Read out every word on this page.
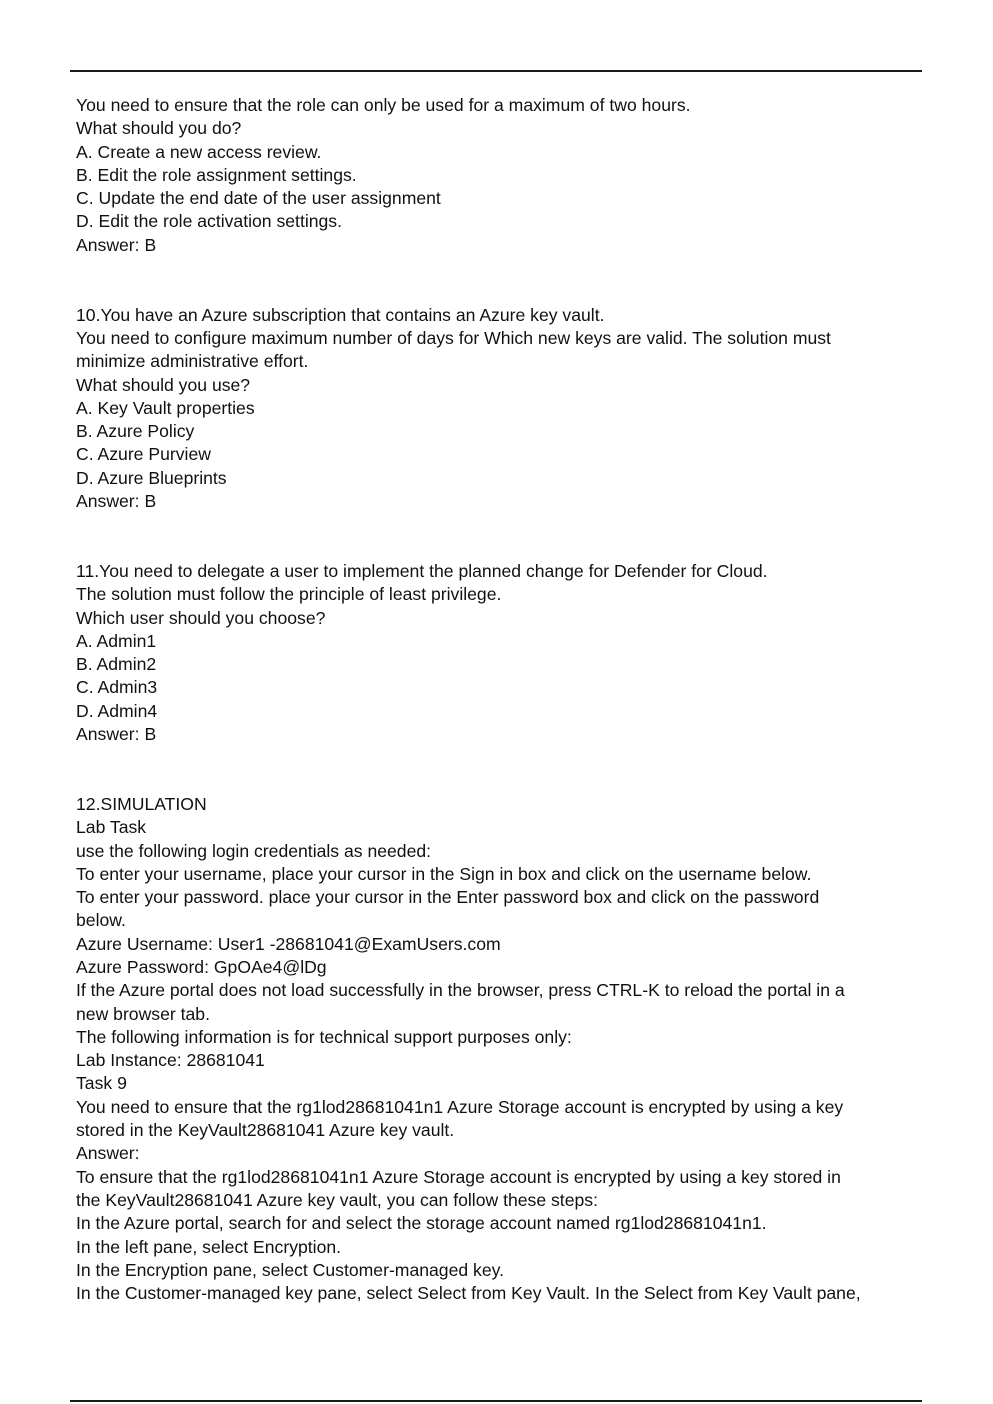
You need to ensure that the role can only be used for a maximum of two hours.

What should you do?

A. Create a new access review.

B. Edit the role assignment settings.

C. Update the end date of the user assignment

D. Edit the role activation settings.

Answer: B

10.You have an Azure subscription that contains an Azure key vault.

You need to configure maximum number of days for Which new keys are valid. The solution must

minimize administrative effort.

What should you use?

A. Key Vault properties

B. Azure Policy

C. Azure Purview

D. Azure Blueprints

Answer: B

11.You need to delegate a user to implement the planned change for Defender for Cloud.

The solution must follow the principle of least privilege.

Which user should you choose?

A. Admin1

B. Admin2

C. Admin3

D. Admin4

Answer: B

12.SIMULATION

Lab Task

use the following login credentials as needed:

To enter your username, place your cursor in the Sign in box and click on the username below.

To enter your password. place your cursor in the Enter password box and click on the password

below.

Azure Username: User1 -28681041@ExamUsers.com

Azure Password: GpOAe4@lDg

If the Azure portal does not load successfully in the browser, press CTRL-K to reload the portal in a

new browser tab.

The following information is for technical support purposes only:

Lab Instance: 28681041

Task 9

You need to ensure that the rg1lod28681041n1 Azure Storage account is encrypted by using a key

stored in the KeyVault28681041 Azure key vault.

Answer:

To ensure that the rg1lod28681041n1 Azure Storage account is encrypted by using a key stored in

the KeyVault28681041 Azure key vault, you can follow these steps:

In the Azure portal, search for and select the storage account named rg1lod28681041n1.

In the left pane, select Encryption.

In the Encryption pane, select Customer-managed key.

In the Customer-managed key pane, select Select from Key Vault. In the Select from Key Vault pane,
